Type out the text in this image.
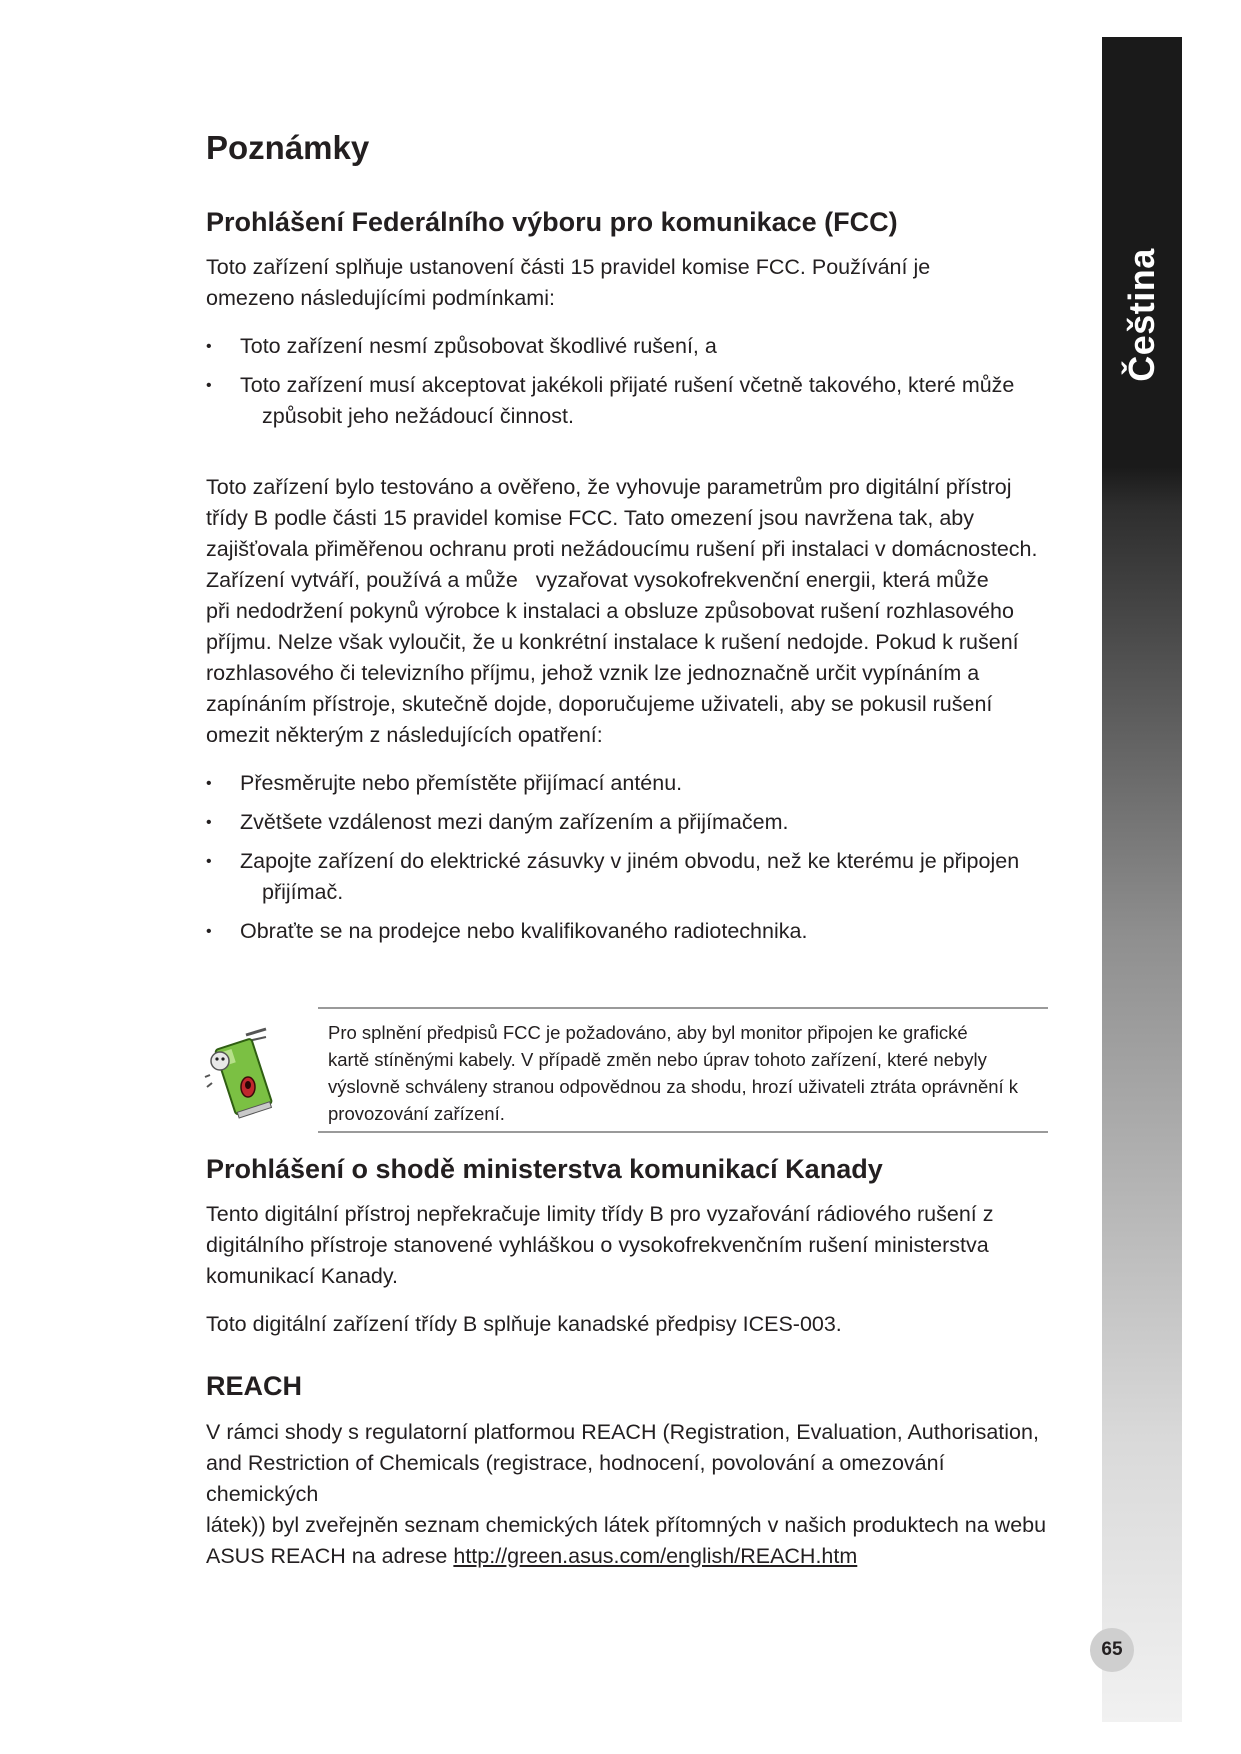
Čeština
Poznámky
Prohlášení Federálního výboru pro komunikace (FCC)

Toto zařízení splňuje ustanovení části 15 pravidel komise FCC. Používání je omezeno následujícími podmínkami:

• Toto zařízení nesmí způsobovat škodlivé rušení, a
• Toto zařízení musí akceptovat jakékoli přijaté rušení včetně takového, které může
způsobit jeho nežádoucí činnost.

Toto zařízení bylo testováno a ověřeno, že vyhovuje parametrům pro digitální přístroj

třídy B podle části 15 pravidel komise FCC. Tato omezení jsou navržena tak, aby

zajišťovala přiměřenou ochranu proti nežádoucímu rušení při instalaci v domácnostech.

Zařízení vytváří, používá a může   vyzařovat vysokofrekvenční energii, která může

při nedodržení pokynů výrobce k instalaci a obsluze způsobovat rušení rozhlasového

příjmu. Nelze však vyloučit, že u konkrétní instalace k rušení nedojde. Pokud k rušení

rozhlasového či televizního příjmu, jehož vznik lze jednoznačně určit vypínáním a

zapínáním přístroje, skutečně dojde, doporučujeme uživateli, aby se pokusil rušení

omezit některým z následujících opatření:

• Přesměrujte nebo přemístěte přijímací anténu.
• Zvětšete vzdálenost mezi daným zařízením a přijímačem.
• Zapojte zařízení do elektrické zásuvky v jiném obvodu, než ke kterému je připojen
přijímač.
• Obraťte se na prodejce nebo kvalifikovaného radiotechnika.

Pro splnění předpisů FCC je požadováno, aby byl monitor připojen ke grafické

kartě stíněnými kabely. V případě změn nebo úprav tohoto zařízení, které nebyly

výslovně schváleny stranou odpovědnou za shodu, hrozí uživateli ztráta oprávnění k

provozování zařízení.

Prohlášení o shodě ministerstva komunikací Kanady

Tento digitální přístroj nepřekračuje limity třídy B pro vyzařování rádiového rušení z

digitálního přístroje stanovené vyhláškou o vysokofrekvenčním rušení ministerstva

komunikací Kanady.

Toto digitální zařízení třídy B splňuje kanadské předpisy ICES-003.

REACH

V rámci shody s regulatorní platformou REACH (Registration, Evaluation, Authorisation,

and Restriction of Chemicals (registrace, hodnocení, povolování a omezování chemických

látek)) byl zveřejněn seznam chemických látek přítomných v našich produktech na webu

ASUS REACH na adrese http://green.asus.com/english/REACH.htm

65
